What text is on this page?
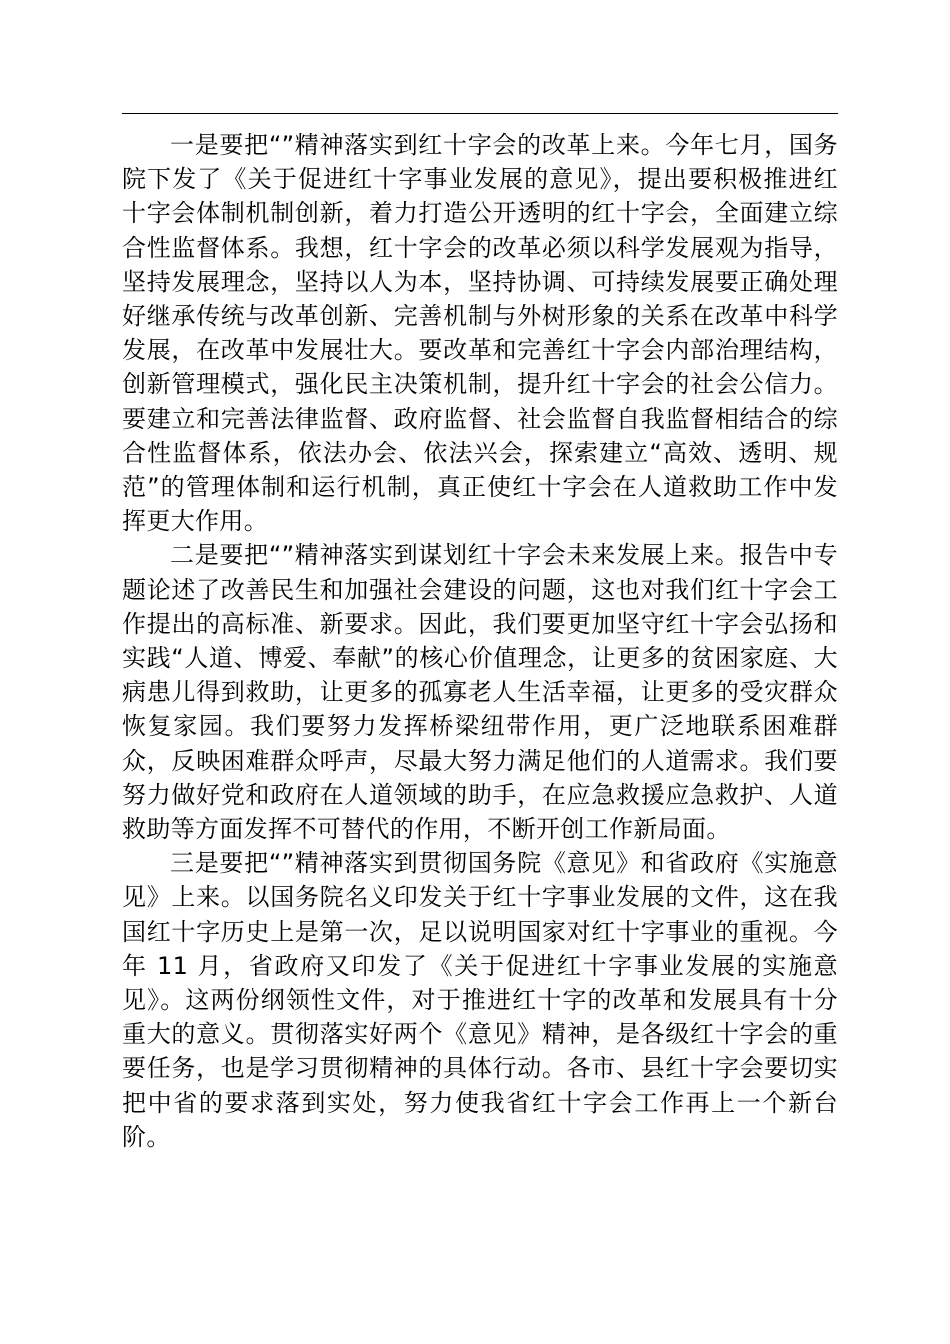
一是要把“”精神落实到红十字会的改革上来。今年七月，国务院下发了《关于促进红十字事业发展的意见》，提出要积极推进红十字会体制机制创新，着力打造公开透明的红十字会，全面建立综合性监督体系。我想，红十字会的改革必须以科学发展观为指导，坚持发展理念，坚持以人为本，坚持协调、可持续发展要正确处理好继承传统与改革创新、完善机制与外树形象的关系在改革中科学发展，在改革中发展壮大。要改革和完善红十字会内部治理结构，创新管理模式，强化民主决策机制，提升红十字会的社会公信力。要建立和完善法律监督、政府监督、社会监督自我监督相结合的综合性监督体系，依法办会、依法兴会，探索建立“高效、透明、规范”的管理体制和运行机制，真正使红十字会在人道救助工作中发挥更大作用。

二是要把“”精神落实到谋划红十字会未来发展上来。报告中专题论述了改善民生和加强社会建设的问题，这也对我们红十字会工作提出的高标准、新要求。因此，我们要更加坚守红十字会弘扬和实践“人道、博爱、奉献”的核心价值理念，让更多的贫困家庭、大病患儿得到救助，让更多的孤寡老人生活幸福，让更多的受灾群众恢复家园。我们要努力发挥桥梁纽带作用，更广泛地联系困难群众，反映困难群众呼声，尽最大努力满足他们的人道需求。我们要努力做好党和政府在人道领域的助手，在应急救援应急救护、人道救助等方面发挥不可替代的作用，不断开创工作新局面。

三是要把“”精神落实到贯彻国务院《意见》和省政府《实施意见》上来。以国务院名义印发关于红十字事业发展的文件，这在我国红十字历史上是第一次，足以说明国家对红十字事业的重视。今年 11 月，省政府又印发了《关于促进红十字事业发展的实施意见》。这两份纲领性文件，对于推进红十字的改革和发展具有十分重大的意义。贯彻落实好两个《意见》精神，是各级红十字会的重要任务，也是学习贯彻精神的具体行动。各市、县红十字会要切实把中省的要求落到实处，努力使我省红十字会工作再上一个新台阶。
